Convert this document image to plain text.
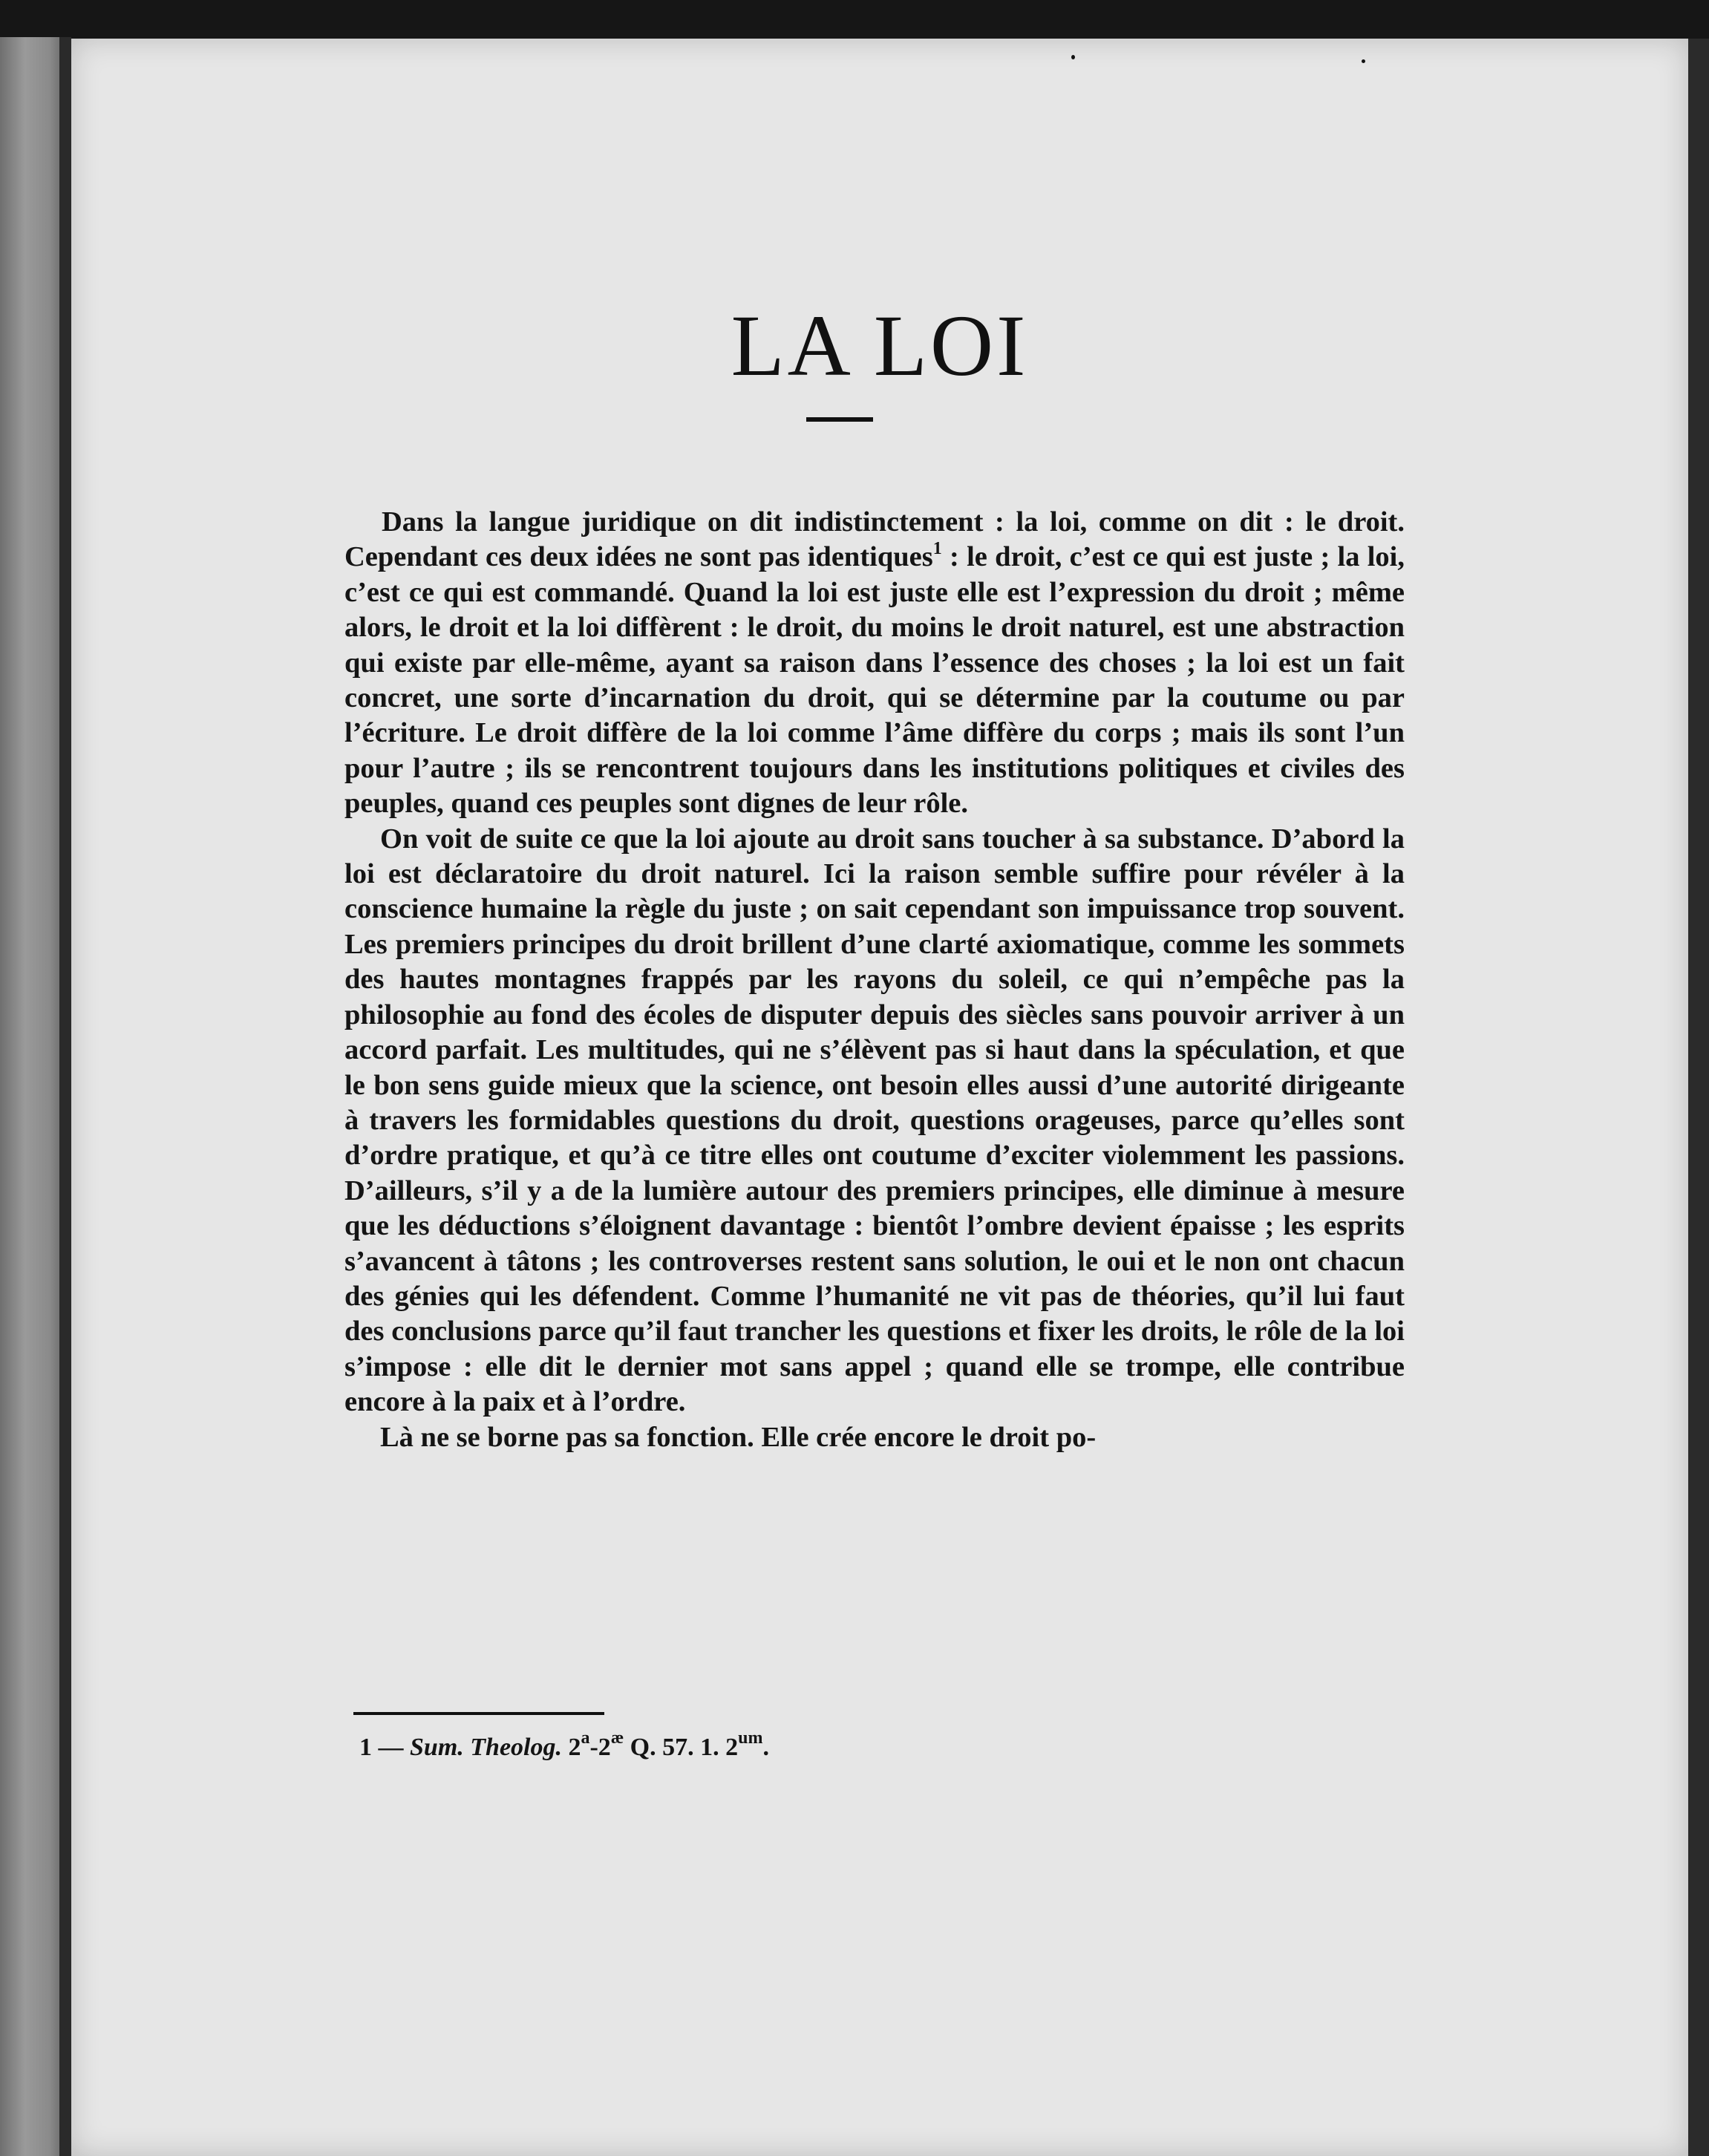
LA LOI

Dans la langue juridique on dit indistinctement : la loi, comme on dit : le droit. Cependant ces deux idées ne sont pas identiques$^1$ : le droit, c’est ce qui est juste ; la loi, c’est ce qui est commandé. Quand la loi est juste elle est l’expression du droit ; même alors, le droit et la loi diffèrent : le droit, du moins le droit naturel, est une abstraction qui existe par elle-même, ayant sa raison dans l’essence des choses ; la loi est un fait concret, une sorte d’incarnation du droit, qui se détermine par la coutume ou par l’écriture. Le droit diffère de la loi comme l’âme diffère du corps ; mais ils sont l’un pour l’autre ; ils se rencontrent toujours dans les institutions politiques et civiles des peuples, quand ces peuples sont dignes de leur rôle.

On voit de suite ce que la loi ajoute au droit sans toucher à sa substance. D’abord la loi est déclaratoire du droit naturel. Ici la raison semble suffire pour révéler à la conscience humaine la règle du juste ; on sait cependant son impuissance trop souvent. Les premiers principes du droit brillent d’une clarté axiomatique, comme les sommets des hautes montagnes frappés par les rayons du soleil, ce qui n’empêche pas la philosophie au fond des écoles de disputer depuis des siècles sans pouvoir arriver à un accord parfait. Les multitudes, qui ne s’élèvent pas si haut dans la spéculation, et que le bon sens guide mieux que la science, ont besoin elles aussi d’une autorité dirigeante à travers les formidables questions du droit, questions orageuses, parce qu’elles sont d’ordre pratique, et qu’à ce titre elles ont coutume d’exciter violemment les passions. D’ailleurs, s’il y a de la lumière autour des premiers principes, elle diminue à mesure que les déductions s’éloignent davantage : bientôt l’ombre devient épaisse ; les esprits s’avancent à tâtons ; les controverses restent sans solution, le oui et le non ont chacun des génies qui les défendent. Comme l’humanité ne vit pas de théories, qu’il lui faut des conclusions parce qu’il faut trancher les questions et fixer les droits, le rôle de la loi s’impose : elle dit le dernier mot sans appel ; quand elle se trompe, elle contribue encore à la paix et à l’ordre.

Là ne se borne pas sa fonction. Elle crée encore le droit po-

1 — Sum. Theolog. $2^a-2^æ$ Q. 57. 1. $2^{um}$.
